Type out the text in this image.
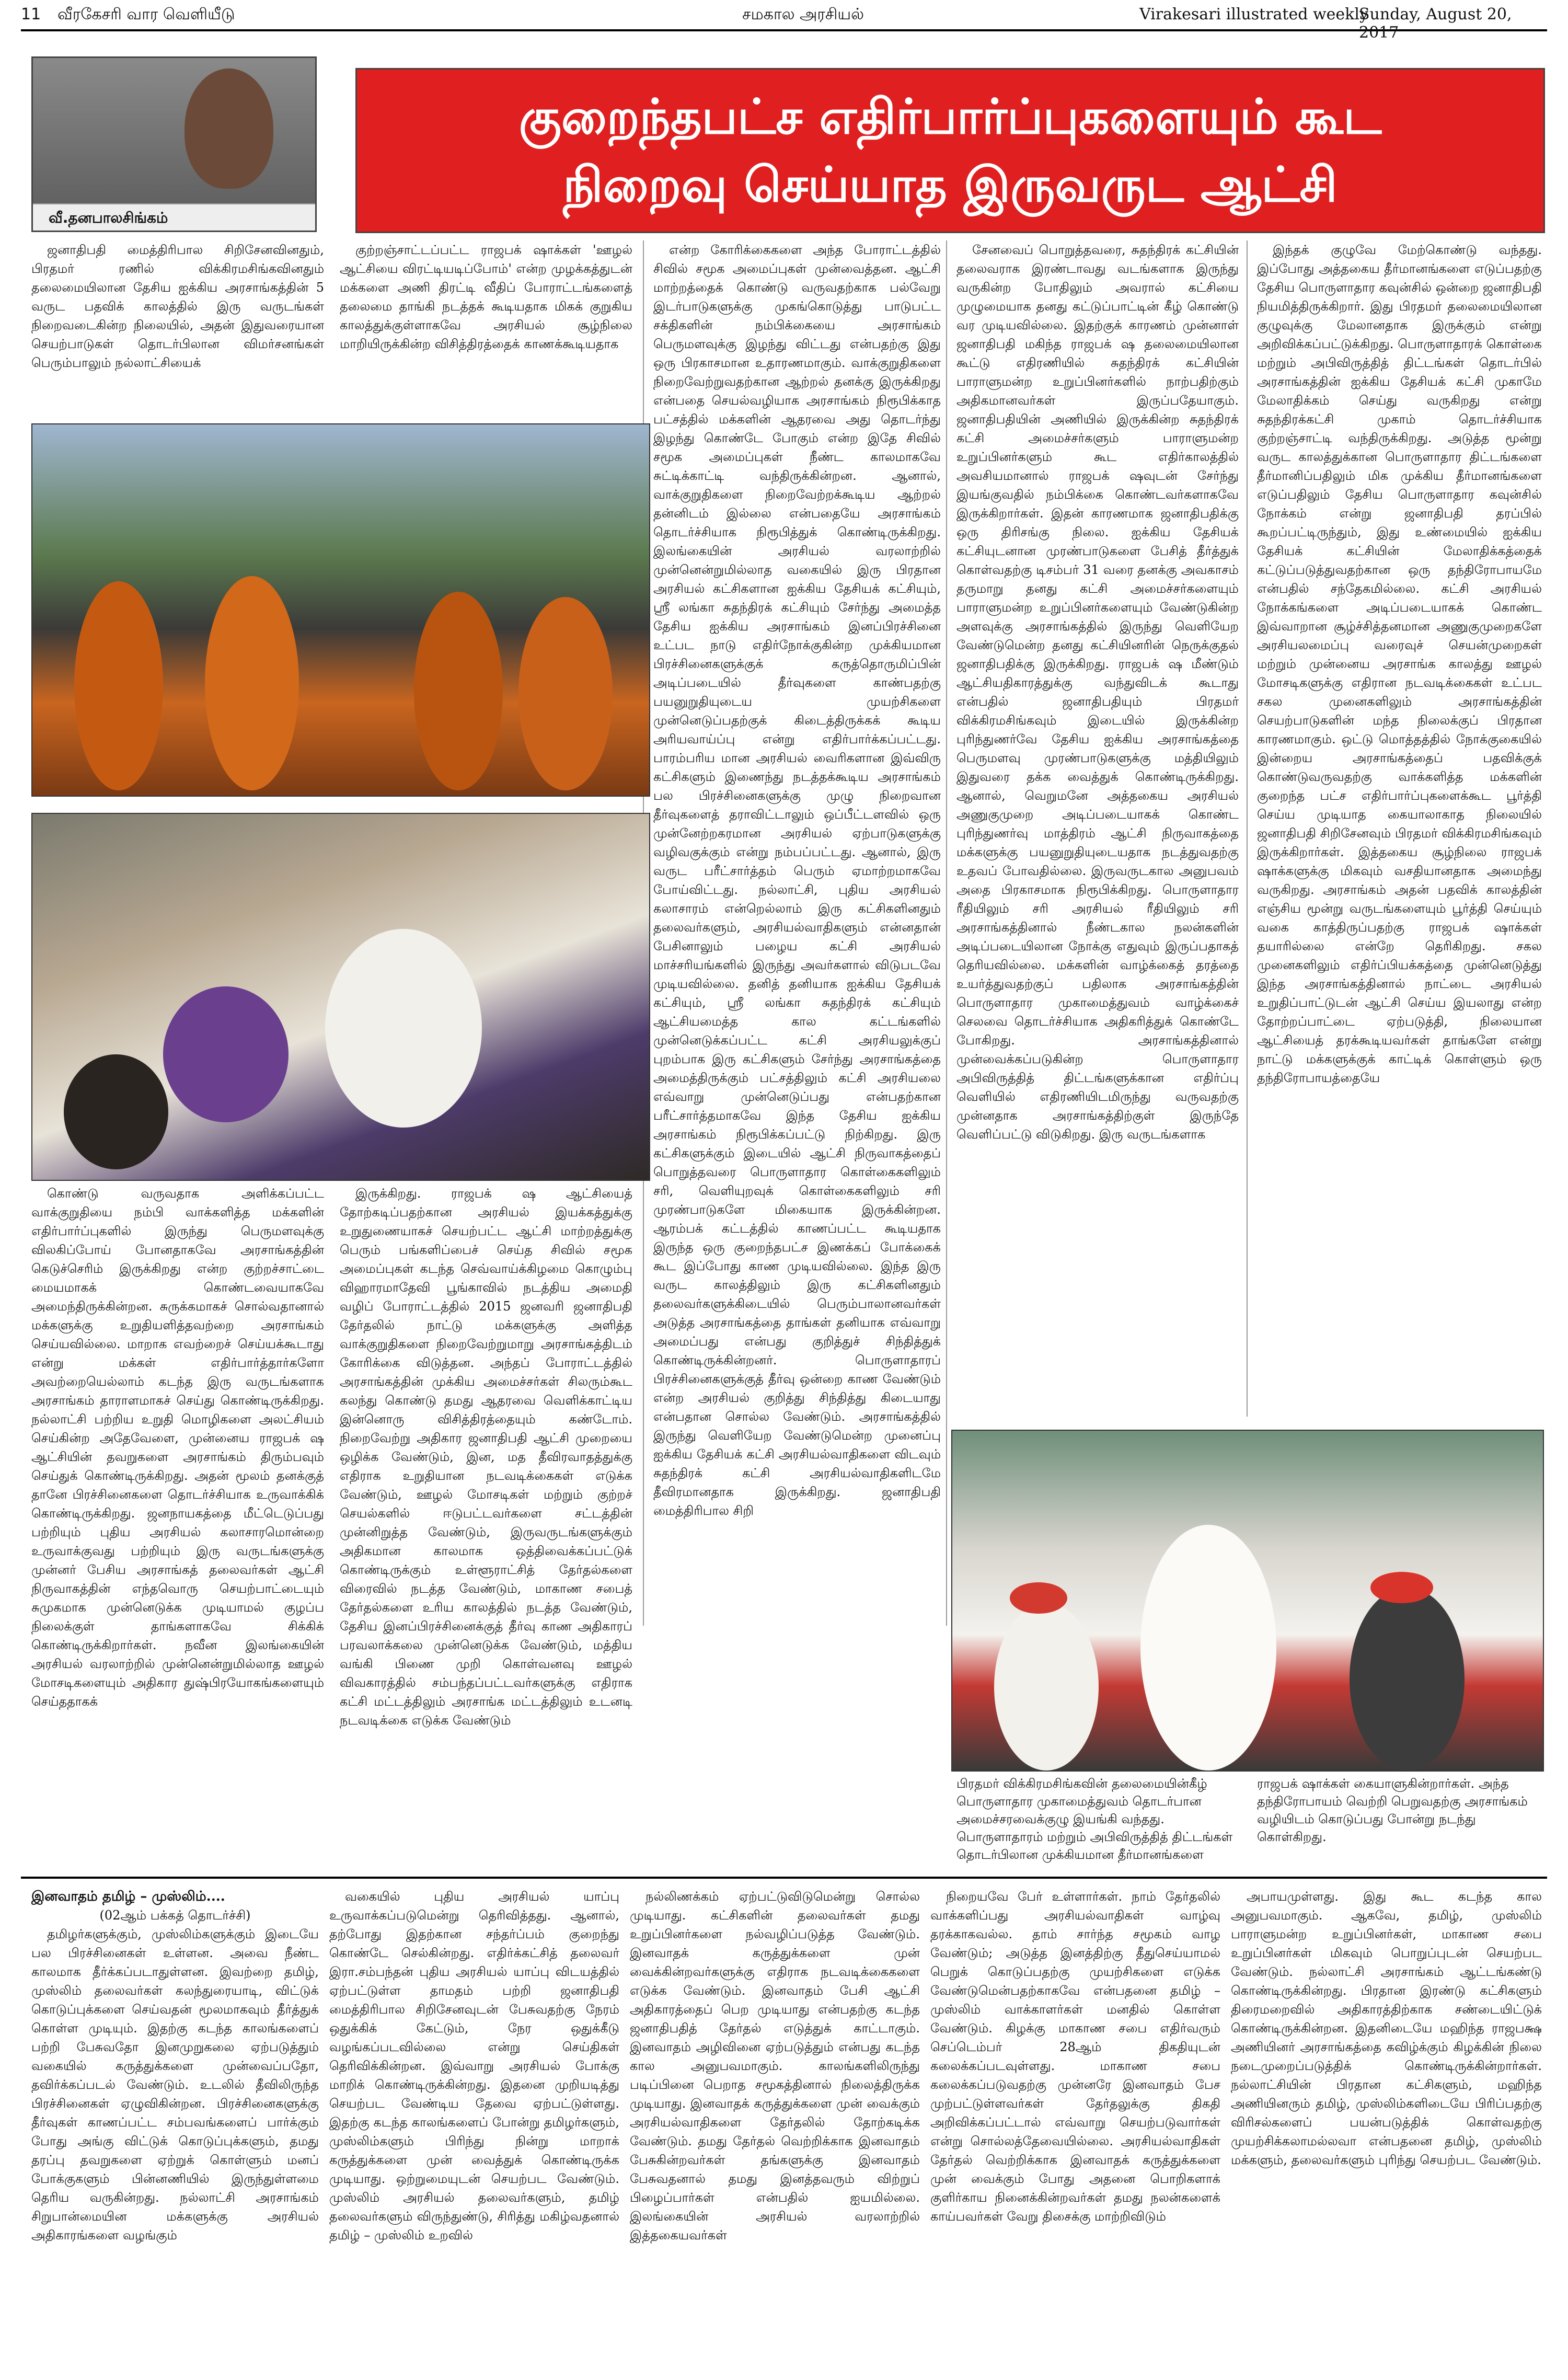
11 வீரகேசரி வார வெளியீடு	சமகால அரசியல்	Virakesari illustrated weekly
Sunday, August 20, 2017
வீ.தனபாலசிங்கம்
குறைந்தபட்ச எதிர்பார்ப்புகளையும் கூட
நிறைவு செய்யாத இருவருட ஆட்சி

ஜனாதிபதி மைத்திரிபால சிறிசேனவினதும், பிரதமர் ரணில் விக்கிரமசிங்கவினதும் தலைமையிலான தேசிய ஐக்கிய அரசாங்கத்தின் 5 வருட பதவிக் காலத்தில் இரு வருடங்கள் நிறைவடைகின்ற நிலையில், அதன் இதுவரையான செயற்பாடுகள் தொடர்பிலான விமர்சனங்கள் பெரும்பாலும் நல்லாட்சியைக்

குற்றஞ்சாட்டப்பட்ட ராஜபக் ஷாக்கள் 'ஊழல் ஆட்சியை விரட்டியடிப்போம்' என்ற முழக்கத்துடன் மக்களை அணி திரட்டி வீதிப் போராட்டங்களைத் தலைமை தாங்கி நடத்தக் கூடியதாக மிகக் குறுகிய காலத்துக்குள்ளாகவே அரசியல் சூழ்நிலை மாறியிருக்கின்ற விசித்திரத்தைக் காணக்கூடியதாக

என்ற கோரிக்கைகளை அந்த போராட்டத்தில் சிவில் சமூக அமைப்புகள் முன்வைத்தன. ஆட்சி மாற்றத்தைக் கொண்டு வருவதற்காக பல்வேறு இடர்பாடுகளுக்கு முகங்கொடுத்து பாடுபட்ட சக்திகளின் நம்பிக்கையை அரசாங்கம் பெருமளவுக்கு இழந்து விட்டது என்பதற்கு இது ஒரு பிரகாசமான உதாரணமாகும். வாக்குறுதிகளை நிறைவேற்றுவதற்கான ஆற்றல் தனக்கு இருக்கிறது என்பதை செயல்வழியாக அரசாங்கம் நிரூபிக்காத பட்சத்தில் மக்களின் ஆதரவை அது தொடர்ந்து இழந்து கொண்டே போகும் என்ற இதே சிவில் சமூக அமைப்புகள் நீண்ட காலமாகவே சுட்டிக்காட்டி வந்திருக்கின்றன. ஆனால், வாக்குறுதிகளை நிறைவேற்றக்கூடிய ஆற்றல் தன்னிடம் இல்லை என்பதையே அரசாங்கம் தொடர்ச்சியாக நிரூபித்துக் கொண்டிருக்கிறது. இலங்கையின் அரசியல் வரலாற்றில் முன்னென்றுமில்லாத வகையில் இரு பிரதான அரசியல் கட்சிகளான ஐக்கிய தேசியக் கட்சியும், ஸ்ரீ லங்கா சுதந்திரக் கட்சியும் சேர்ந்து அமைத்த தேசிய ஐக்கிய அரசாங்கம் இனப்பிரச்சினை உட்பட நாடு எதிர்நோக்குகின்ற முக்கியமான பிரச்சினைகளுக்குக் கருத்தொருமிப்பின் அடிப்படையில் தீர்வுகளை காண்பதற்கு பயனுறுதியுடைய முயற்சிகளை முன்னெடுப்பதற்குக் கிடைத்திருக்கக் கூடிய அரியவாய்ப்பு என்று எதிர்பார்க்கப்பட்டது. பாரம்பரிய மான அரசியல் வைரிகளான இவ்விரு கட்சிகளும் இணைந்து நடத்தக்கூடிய அரசாங்கம் பல பிரச்சினைகளுக்கு முழு நிறைவான தீர்வுகளைத் தராவிட்டாலும் ஒப்பீட்டளவில் ஒரு முன்னேற்றகரமான அரசியல் ஏற்பாடுகளுக்கு வழிவகுக்கும் என்று நம்பப்பட்டது. ஆனால், இரு வருட பரீட்சார்த்தம் பெரும் ஏமாற்றமாகவே போய்விட்டது. நல்லாட்சி, புதிய அரசியல் கலாசாரம் என்றெல்லாம் இரு கட்சிகளினதும் தலைவர்களும், அரசியல்வாதிகளும் என்னதான் பேசினாலும் பழைய கட்சி அரசியல் மாச்சரியங்களில் இருந்து அவர்களால் விடுபடவே முடியவில்லை. தனித் தனியாக ஐக்கிய தேசியக் கட்சியும், ஸ்ரீ லங்கா சுதந்திரக் கட்சியும் ஆட்சியமைத்த கால கட்டங்களில் முன்னெடுக்கப்பட்ட கட்சி அரசியலுக்குப் புறம்பாக இரு கட்சிகளும் சேர்ந்து அரசாங்கத்தை அமைத்திருக்கும் பட்சத்திலும் கட்சி அரசியலை எவ்வாறு முன்னெடுப்பது என்பதற்கான பரீட்சார்த்தமாகவே இந்த தேசிய ஐக்கிய அரசாங்கம் நிரூபிக்கப்பட்டு நிற்கிறது. இரு கட்சிகளுக்கும் இடையில் ஆட்சி நிருவாகத்தைப் பொறுத்தவரை பொருளாதார கொள்கைகளிலும் சரி, வெளியுறவுக் கொள்கைகளிலும் சரி முரண்பாடுகளே மிகையாக இருக்கின்றன. ஆரம்பக் கட்டத்தில் காணப்பட்ட கூடியதாக இருந்த ஒரு குறைந்தபட்ச இணக்கப் போக்கைக் கூட இப்போது காண முடியவில்லை. இந்த இரு வருட காலத்திலும் இரு கட்சிகளினதும் தலைவர்களுக்கிடையில் பெரும்பாலானவர்கள் அடுத்த அரசாங்கத்தை தாங்கள் தனியாக எவ்வாறு அமைப்பது என்பது குறித்துச் சிந்தித்துக் கொண்டிருக்கின்றனர். பொருளாதாரப் பிரச்சினைகளுக்குத் தீர்வு ஒன்றை காண வேண்டும் என்ற அரசியல் குறித்து சிந்தித்து கிடையாது என்பதான சொல்ல வேண்டும். அரசாங்கத்தில் இருந்து வெளியேற வேண்டுமென்ற முனைப்பு ஐக்கிய தேசியக் கட்சி அரசியல்வாதிகளை விடவும் சுதந்திரக் கட்சி அரசியல்வாதிகளிடமே தீவிரமானதாக இருக்கிறது. ஜனாதிபதி மைத்திரிபால சிறி

சேனவைப் பொறுத்தவரை, சுதந்திரக் கட்சியின் தலைவராக இரண்டாவது வடங்களாக இருந்து வருகின்ற போதிலும் அவரால் கட்சியை முழுமையாக தனது கட்டுப்பாட்டின் கீழ் கொண்டு வர முடியவில்லை. இதற்குக் காரணம் முன்னாள் ஜனாதிபதி மகிந்த ராஜபக் ஷ தலைமையிலான கூட்டு எதிரணியில் சுதந்திரக் கட்சியின் பாராளுமன்ற உறுப்பினர்களில் நாற்பதிற்கும் அதிகமானவர்கள் இருப்பதேயாகும். ஜனாதிபதியின் அணியில் இருக்கின்ற சுதந்திரக் கட்சி அமைச்சர்களும் பாராளுமன்ற உறுப்பினர்களும் கூட எதிர்காலத்தில் அவசியமானால் ராஜபக் ஷவுடன் சேர்ந்து இயங்குவதில் நம்பிக்கை கொண்டவர்களாகவே இருக்கிறார்கள். இதன் காரணமாக ஜனாதிபதிக்கு ஒரு திரிசங்கு நிலை. ஐக்கிய தேசியக் கட்சியுடனான முரண்பாடுகளை பேசித் தீர்த்துக் கொள்வதற்கு டிசம்பர் 31 வரை தனக்கு அவகாசம் தருமாறு தனது கட்சி அமைச்சர்களையும் பாராளுமன்ற உறுப்பினர்களையும் வேண்டுகின்ற அளவுக்கு அரசாங்கத்தில் இருந்து வெளியேற வேண்டுமென்ற தனது கட்சியினரின் நெருக்குதல் ஜனாதிபதிக்கு இருக்கிறது. ராஜபக் ஷ மீண்டும் ஆட்சியதிகாரத்துக்கு வந்துவிடக் கூடாது என்பதில் ஜனாதிபதியும் பிரதமர் விக்கிரமசிங்கவும் இடையில் இருக்கின்ற புரிந்துணர்வே தேசிய ஐக்கிய அரசாங்கத்தை பெருமளவு முரண்பாடுகளுக்கு மத்தியிலும் இதுவரை தக்க வைத்துக் கொண்டிருக்கிறது. ஆனால், வெறுமனே அத்தகைய அரசியல் அணுகுமுறை அடிப்படையாகக் கொண்ட புரிந்துணர்வு மாத்திரம் ஆட்சி நிருவாகத்தை மக்களுக்கு பயனுறுதியுடையதாக நடத்துவதற்கு உதவப் போவதில்லை. இருவருடகால அனுபவம் அதை பிரகாசமாக நிரூபிக்கிறது. பொருளாதார ரீதியிலும் சரி அரசியல் ரீதியிலும் சரி அரசாங்கத்தினால் நீண்டகால நலன்களின் அடிப்படையிலான நோக்கு எதுவும் இருப்பதாகத் தெரியவில்லை. மக்களின் வாழ்க்கைத் தரத்தை உயர்த்துவதற்குப் பதிலாக அரசாங்கத்தின் பொருளாதார முகாமைத்துவம் வாழ்க்கைச் செலவை தொடர்ச்சியாக அதிகரித்துக் கொண்டே போகிறது. அரசாங்கத்தினால் முன்வைக்கப்படுகின்ற பொருளாதார அபிவிருத்தித் திட்டங்களுக்கான எதிர்ப்பு வெளியில் எதிரணியிடமிருந்து வருவதற்கு முன்னதாக அரசாங்கத்திற்குள் இருந்தே வெளிப்பட்டு விடுகிறது. இரு வருடங்களாக

இந்தக் குழுவே மேற்கொண்டு வந்தது. இப்போது அத்தகைய தீர்மானங்களை எடுப்பதற்கு தேசிய பொருளாதார கவுன்சில் ஒன்றை ஜனாதிபதி நியமித்திருக்கிறார். இது பிரதமர் தலைமையிலான குழுவுக்கு மேலானதாக இருக்கும் என்று அறிவிக்கப்பட்டுக்கிறது. பொருளாதாரக் கொள்கை மற்றும் அபிவிருத்தித் திட்டங்கள் தொடர்பில் அரசாங்கத்தின் ஐக்கிய தேசியக் கட்சி முகாமே மேலாதிக்கம் செய்து வருகிறது என்று சுதந்திரக்கட்சி முகாம் தொடர்ச்சியாக குற்றஞ்சாட்டி வந்திருக்கிறது. அடுத்த மூன்று வருட காலத்துக்கான பொருளாதார திட்டங்களை தீர்மானிப்பதிலும் மிக முக்கிய தீர்மானங்களை எடுப்பதிலும் தேசிய பொருளாதார கவுன்சில் நோக்கம் என்று ஜனாதிபதி தரப்பில் கூறப்பட்டிருந்தும், இது உண்மையில் ஐக்கிய தேசியக் கட்சியின் மேலாதிக்கத்தைக் கட்டுப்படுத்துவதற்கான ஒரு தந்திரோபாயமே என்பதில் சந்தேகமில்லை. கட்சி அரசியல் நோக்கங்களை அடிப்படையாகக் கொண்ட இவ்வாறான சூழ்ச்சித்தனமான அணுகுமுறைகளே அரசியலமைப்பு வரைவுச் செயன்முறைகள் மற்றும் முன்னைய அரசாங்க காலத்து ஊழல் மோசடிகளுக்கு எதிரான நடவடிக்கைகள் உட்பட சகல முனைகளிலும் அரசாங்கத்தின் செயற்பாடுகளின் மந்த நிலைக்குப் பிரதான காரணமாகும். ஒட்டு மொத்தத்தில் நோக்குகையில் இன்றைய அரசாங்கத்தைப் பதவிக்குக் கொண்டுவருவதற்கு வாக்களித்த மக்களின் குறைந்த பட்ச எதிர்பார்ப்புகளைக்கூட பூர்த்தி செய்ய முடியாத கையாலாகாத நிலையில் ஜனாதிபதி சிறிசேனவும் பிரதமர் விக்கிரமசிங்கவும் இருக்கிறார்கள். இத்தகைய சூழ்நிலை ராஜபக் ஷாக்களுக்கு மிகவும் வசதியானதாக அமைந்து வருகிறது. அரசாங்கம் அதன் பதவிக் காலத்தின் எஞ்சிய மூன்று வருடங்களையும் பூர்த்தி செய்யும் வகை காத்திருப்பதற்கு ராஜபக் ஷாக்கள் தயாரில்லை என்றே தெரிகிறது. சகல முனைகளிலும் எதிர்ப்பியக்கத்தை முன்னெடுத்து இந்த அரசாங்கத்தினால் நாட்டை அரசியல் உறுதிப்பாட்டுடன் ஆட்சி செய்ய இயலாது என்ற தோற்றப்பாட்டை ஏற்படுத்தி, நிலையான ஆட்சியைத் தரக்கூடியவர்கள் தாங்களே என்று நாட்டு மக்களுக்குக் காட்டிக் கொள்ளும் ஒரு தந்திரோபாயத்தையே

கொண்டு வருவதாக அளிக்கப்பட்ட வாக்குறுதியை நம்பி வாக்களித்த மக்களின் எதிர்பார்ப்புகளில் இருந்து பெருமளவுக்கு விலகிப்போய் போனதாகவே அரசாங்கத்தின் கெடுச்செரிம் இருக்கிறது என்ற குற்றச்சாட்டை மையமாகக் கொண்டவையாகவே அமைந்திருக்கின்றன. சுருக்கமாகச் சொல்வதானால் மக்களுக்கு உறுதியளித்தவற்றை அரசாங்கம் செய்யவில்லை. மாறாக எவற்றைச் செய்யக்கூடாது என்று மக்கள் எதிர்பார்த்தார்களோ அவற்றையெல்லாம் கடந்த இரு வருடங்களாக அரசாங்கம் தாராளமாகச் செய்து கொண்டிருக்கிறது. நல்லாட்சி பற்றிய உறுதி மொழிகளை அலட்சியம் செய்கின்ற அதேவேளை, முன்னைய ராஜபக் ஷ ஆட்சியின் தவறுகளை அரசாங்கம் திரும்பவும் செய்துக் கொண்டிருக்கிறது. அதன் மூலம் தனக்குத் தானே பிரச்சினைகளை தொடர்ச்சியாக உருவாக்கிக் கொண்டிருக்கிறது. ஜனநாயகத்தை மீட்டெடுப்பது பற்றியும் புதிய அரசியல் கலாசாரமொன்றை உருவாக்குவது பற்றியும் இரு வருடங்களுக்கு முன்னர் பேசிய அரசாங்கத் தலைவர்கள் ஆட்சி நிருவாகத்தின் எந்தவொரு செயற்பாட்டையும் சுமுகமாக முன்னெடுக்க முடியாமல் குழப்ப நிலைக்குள் தாங்களாகவே சிக்கிக் கொண்டிருக்கிறார்கள். நவீன இலங்கையின் அரசியல் வரலாற்றில் முன்னென்றுமில்லாத ஊழல் மோசடிகளையும் அதிகார துஷ்பிரயோகங்களையும் செய்ததாகக்

இருக்கிறது. ராஜபக் ஷ ஆட்சியைத் தோற்கடிப்பதற்கான அரசியல் இயக்கத்துக்கு உறுதுணையாகச் செயற்பட்ட ஆட்சி மாற்றத்துக்கு பெரும் பங்களிப்பைச் செய்த சிவில் சமூக அமைப்புகள் கடந்த செவ்வாய்க்கிழமை கொழும்பு விஹாரமாதேவி பூங்காவில் நடத்திய அமைதி வழிப் போராட்டத்தில் 2015 ஜனவரி ஜனாதிபதி தேர்தலில் நாட்டு மக்களுக்கு அளித்த வாக்குறுதிகளை நிறைவேற்றுமாறு அரசாங்கத்திடம் கோரிக்கை விடுத்தன. அந்தப் போராட்டத்தில் அரசாங்கத்தின் முக்கிய அமைச்சர்கள் சிலரும்கூட கலந்து கொண்டு தமது ஆதரவை வெளிக்காட்டிய இன்னொரு விசித்திரத்தையும் கண்டோம். நிறைவேற்று அதிகார ஜனாதிபதி ஆட்சி முறையை ஒழிக்க வேண்டும், இன, மத தீவிரவாதத்துக்கு எதிராக உறுதியான நடவடிக்கைகள் எடுக்க வேண்டும், ஊழல் மோசடிகள் மற்றும் குற்றச் செயல்களில் ஈடுபட்டவர்களை சட்டத்தின் முன்னிறுத்த வேண்டும், இருவருடங்களுக்கும் அதிகமான காலமாக ஒத்திவைக்கப்பட்டுக் கொண்டிருக்கும் உள்ளூராட்சித் தேர்தல்களை விரைவில் நடத்த வேண்டும், மாகாண சபைத் தேர்தல்களை உரிய காலத்தில் நடத்த வேண்டும், தேசிய இனப்பிரச்சினைக்குத் தீர்வு காண அதிகாரப் பரவலாக்கலை முன்னெடுக்க வேண்டும், மத்திய வங்கி பிணை முறி கொள்வனவு ஊழல் விவகாரத்தில் சம்பந்தப்பட்டவர்களுக்கு எதிராக கட்சி மட்டத்திலும் அரசாங்க மட்டத்திலும் உடனடி நடவடிக்கை எடுக்க வேண்டும்

பிரதமர் விக்கிரமசிங்கவின் தலைமையின்கீழ் பொருளாதார முகாமைத்துவம் தொடர்பான அமைச்சரவைக்குழு இயங்கி வந்தது. பொருளாதாரம் மற்றும் அபிவிருத்தித் திட்டங்கள் தொடர்பிலான முக்கியமான தீர்மானங்களை
ராஜபக் ஷாக்கள் கையாளுகின்றார்கள். அந்த தந்திரோபாயம் வெற்றி பெறுவதற்கு அரசாங்கம் வழியிடம் கொடுப்பது போன்று நடந்து கொள்கிறது.
இனவாதம் தமிழ் – முஸ்லிம்....
(02ஆம் பக்கத் தொடர்ச்சி)

தமிழர்களுக்கும், முஸ்லிம்களுக்கும் இடையே பல பிரச்சினைகள் உள்ளன. அவை நீண்ட காலமாக தீர்க்கப்படாதுள்ளன. இவற்றை தமிழ், முஸ்லிம் தலைவர்கள் கலந்துரையாடி, விட்டுக் கொடுப்புக்களை செய்வதன் மூலமாகவும் தீர்த்துக் கொள்ள முடியும். இதற்கு கடந்த காலங்களைப் பற்றி பேசுவதோ இனமுறுகலை ஏற்படுத்தும் வகையில் கருத்துக்களை முன்வைப்பதோ, தவிர்க்கப்படல் வேண்டும். உடலில் தீவிலிருந்த பிரச்சினைகள் ஏழுவிகின்றன. பிரச்சினைகளுக்கு தீர்வுகள் காணப்பட்ட சம்பவங்களைப் பார்க்கும் போது அங்கு விட்டுக் கொடுப்புக்களும், தமது தரப்பு தவறுகளை ஏற்றுக் கொள்ளும் மனப் போக்குகளும் பின்னணியில் இருந்துள்ளமை தெரிய வருகின்றது. நல்லாட்சி அரசாங்கம் சிறுபான்மையின மக்களுக்கு அரசியல் அதிகாரங்களை வழங்கும்

வகையில் புதிய அரசியல் யாப்பு உருவாக்கப்படுமென்று தெரிவித்தது. ஆனால், தற்போது இதற்கான சந்தர்ப்பம் குறைந்து கொண்டே செல்கின்றது. எதிர்க்கட்சித் தலைவர் இரா.சம்பந்தன் புதிய அரசியல் யாப்பு விடயத்தில் ஏற்பட்டுள்ள தாமதம் பற்றி ஜனாதிபதி மைத்திரிபால சிறிசேனவுடன் பேசுவதற்கு நேரம் ஒதுக்கிக் கேட்டும், நேர ஒதுக்கீடு வழங்கப்படவில்லை என்று செய்திகள் தெரிவிக்கின்றன. இவ்வாறு அரசியல் போக்கு மாறிக் கொண்டிருக்கின்றது. இதனை முறியடித்து செயற்பட வேண்டிய தேவை ஏற்பட்டுள்ளது. இதற்கு கடந்த காலங்களைப் போன்று தமிழர்களும், முஸ்லிம்களும் பிரிந்து நின்று மாறாக் கருத்துக்களை முன் வைத்துக் கொண்டிருக்க முடியாது. ஒற்றுமையுடன் செயற்பட வேண்டும். முஸ்லிம் அரசியல் தலைவர்களும், தமிழ் தலைவர்களும் விருந்துண்டு, சிரித்து மகிழ்வதனால் தமிழ் – முஸ்லிம் உறவில்

நல்லிணக்கம் ஏற்பட்டுவிடுமென்று சொல்ல முடியாது. கட்சிகளின் தலைவர்கள் தமது உறுப்பினர்களை நல்வழிப்படுத்த வேண்டும். இனவாதக் கருத்துக்களை முன் வைக்கின்றவர்களுக்கு எதிராக நடவடிக்கைகளை எடுக்க வேண்டும். இனவாதம் பேசி ஆட்சி அதிகாரத்தைப் பெற முடியாது என்பதற்கு கடந்த ஜனாதிபதித் தேர்தல் எடுத்துக் காட்டாகும். இனவாதம் அழிவினை ஏற்படுத்தும் என்பது கடந்த கால அனுபவமாகும். காலங்களிலிருந்து படிப்பினை பெறாத சமூகத்தினால் நிலைத்திருக்க முடியாது. இனவாதக் கருத்துக்களை முன் வைக்கும் அரசியல்வாதிகளை தேர்தலில் தோற்கடிக்க வேண்டும். தமது தேர்தல் வெற்றிக்காக இனவாதம் பேசுகின்றவர்கள் தங்களுக்கு இனவாதம் பேசுவதனால் தமது இனத்தவரும் விற்றுப் பிழைப்பார்கள் என்பதில் ஐயமில்லை. இலங்கையின் அரசியல் வரலாற்றில் இத்தகையவர்கள்

நிறையவே பேர் உள்ளார்கள். நாம் தேர்தலில் வாக்களிப்பது அரசியல்வாதிகள் வாழ்வு தரக்காகவல்ல. தாம் சார்ந்த சமூகம் வாழ வேண்டும்; அடுத்த இனத்திற்கு தீதுசெய்யாமல் பெறுக் கொடுப்பதற்கு முயற்சிகளை எடுக்க வேண்டுமென்பதற்காகவே என்பதனை தமிழ் – முஸ்லிம் வாக்காளர்கள் மனதில் கொள்ள வேண்டும். கிழக்கு மாகாண சபை எதிர்வரும் செப்டெம்பர் 28ஆம் திகதியுடன் கலைக்கப்படவுள்ளது. மாகாண சபை கலைக்கப்படுவதற்கு முன்னரே இனவாதம் பேச முற்பட்டுள்ளவர்கள் தேர்தலுக்கு திகதி அறிவிக்கப்பட்டால் எவ்வாறு செயற்படுவார்கள் என்று சொல்லத்தேவையில்லை. அரசியல்வாதிகள் தேர்தல் வெற்றிக்காக இனவாதக் கருத்துக்களை முன் வைக்கும் போது அதனை பொறிகளாக் குளிர்காய நினைக்கின்றவர்கள் தமது நலன்களைக் காய்பவர்கள் வேறு திசைக்கு மாற்றிவிடும்

அபாயமுள்ளது. இது கூட கடந்த கால அனுபவமாகும். ஆகவே, தமிழ், முஸ்லிம் பாராளுமன்ற உறுப்பினர்கள், மாகாண சபை உறுப்பினர்கள் மிகவும் பொறுப்புடன் செயற்பட வேண்டும். நல்லாட்சி அரசாங்கம் ஆட்டங்கண்டு கொண்டிருக்கின்றது. பிரதான இரண்டு கட்சிகளும் திரைமறைவில் அதிகாரத்திற்காக சண்டையிட்டுக் கொண்டிருக்கின்றன. இதனிடையே மஹிந்த ராஜபக்ஷ அணியினர் அரசாங்கத்தை கவிழ்க்கும் கிழக்கின் நிலை நடைமுறைப்படுத்திக் கொண்டிருக்கின்றார்கள். நல்லாட்சியின் பிரதான கட்சிகளும், மஹிந்த அணியினரும் தமிழ், முஸ்லிம்களிடையே பிரிப்பதற்கு விரிசல்களைப் பயன்படுத்திக் கொள்வதற்கு முயற்சிக்கலாமல்லவா என்பதனை தமிழ், முஸ்லிம் மக்களும், தலைவர்களும் புரிந்து செயற்பட வேண்டும்.
